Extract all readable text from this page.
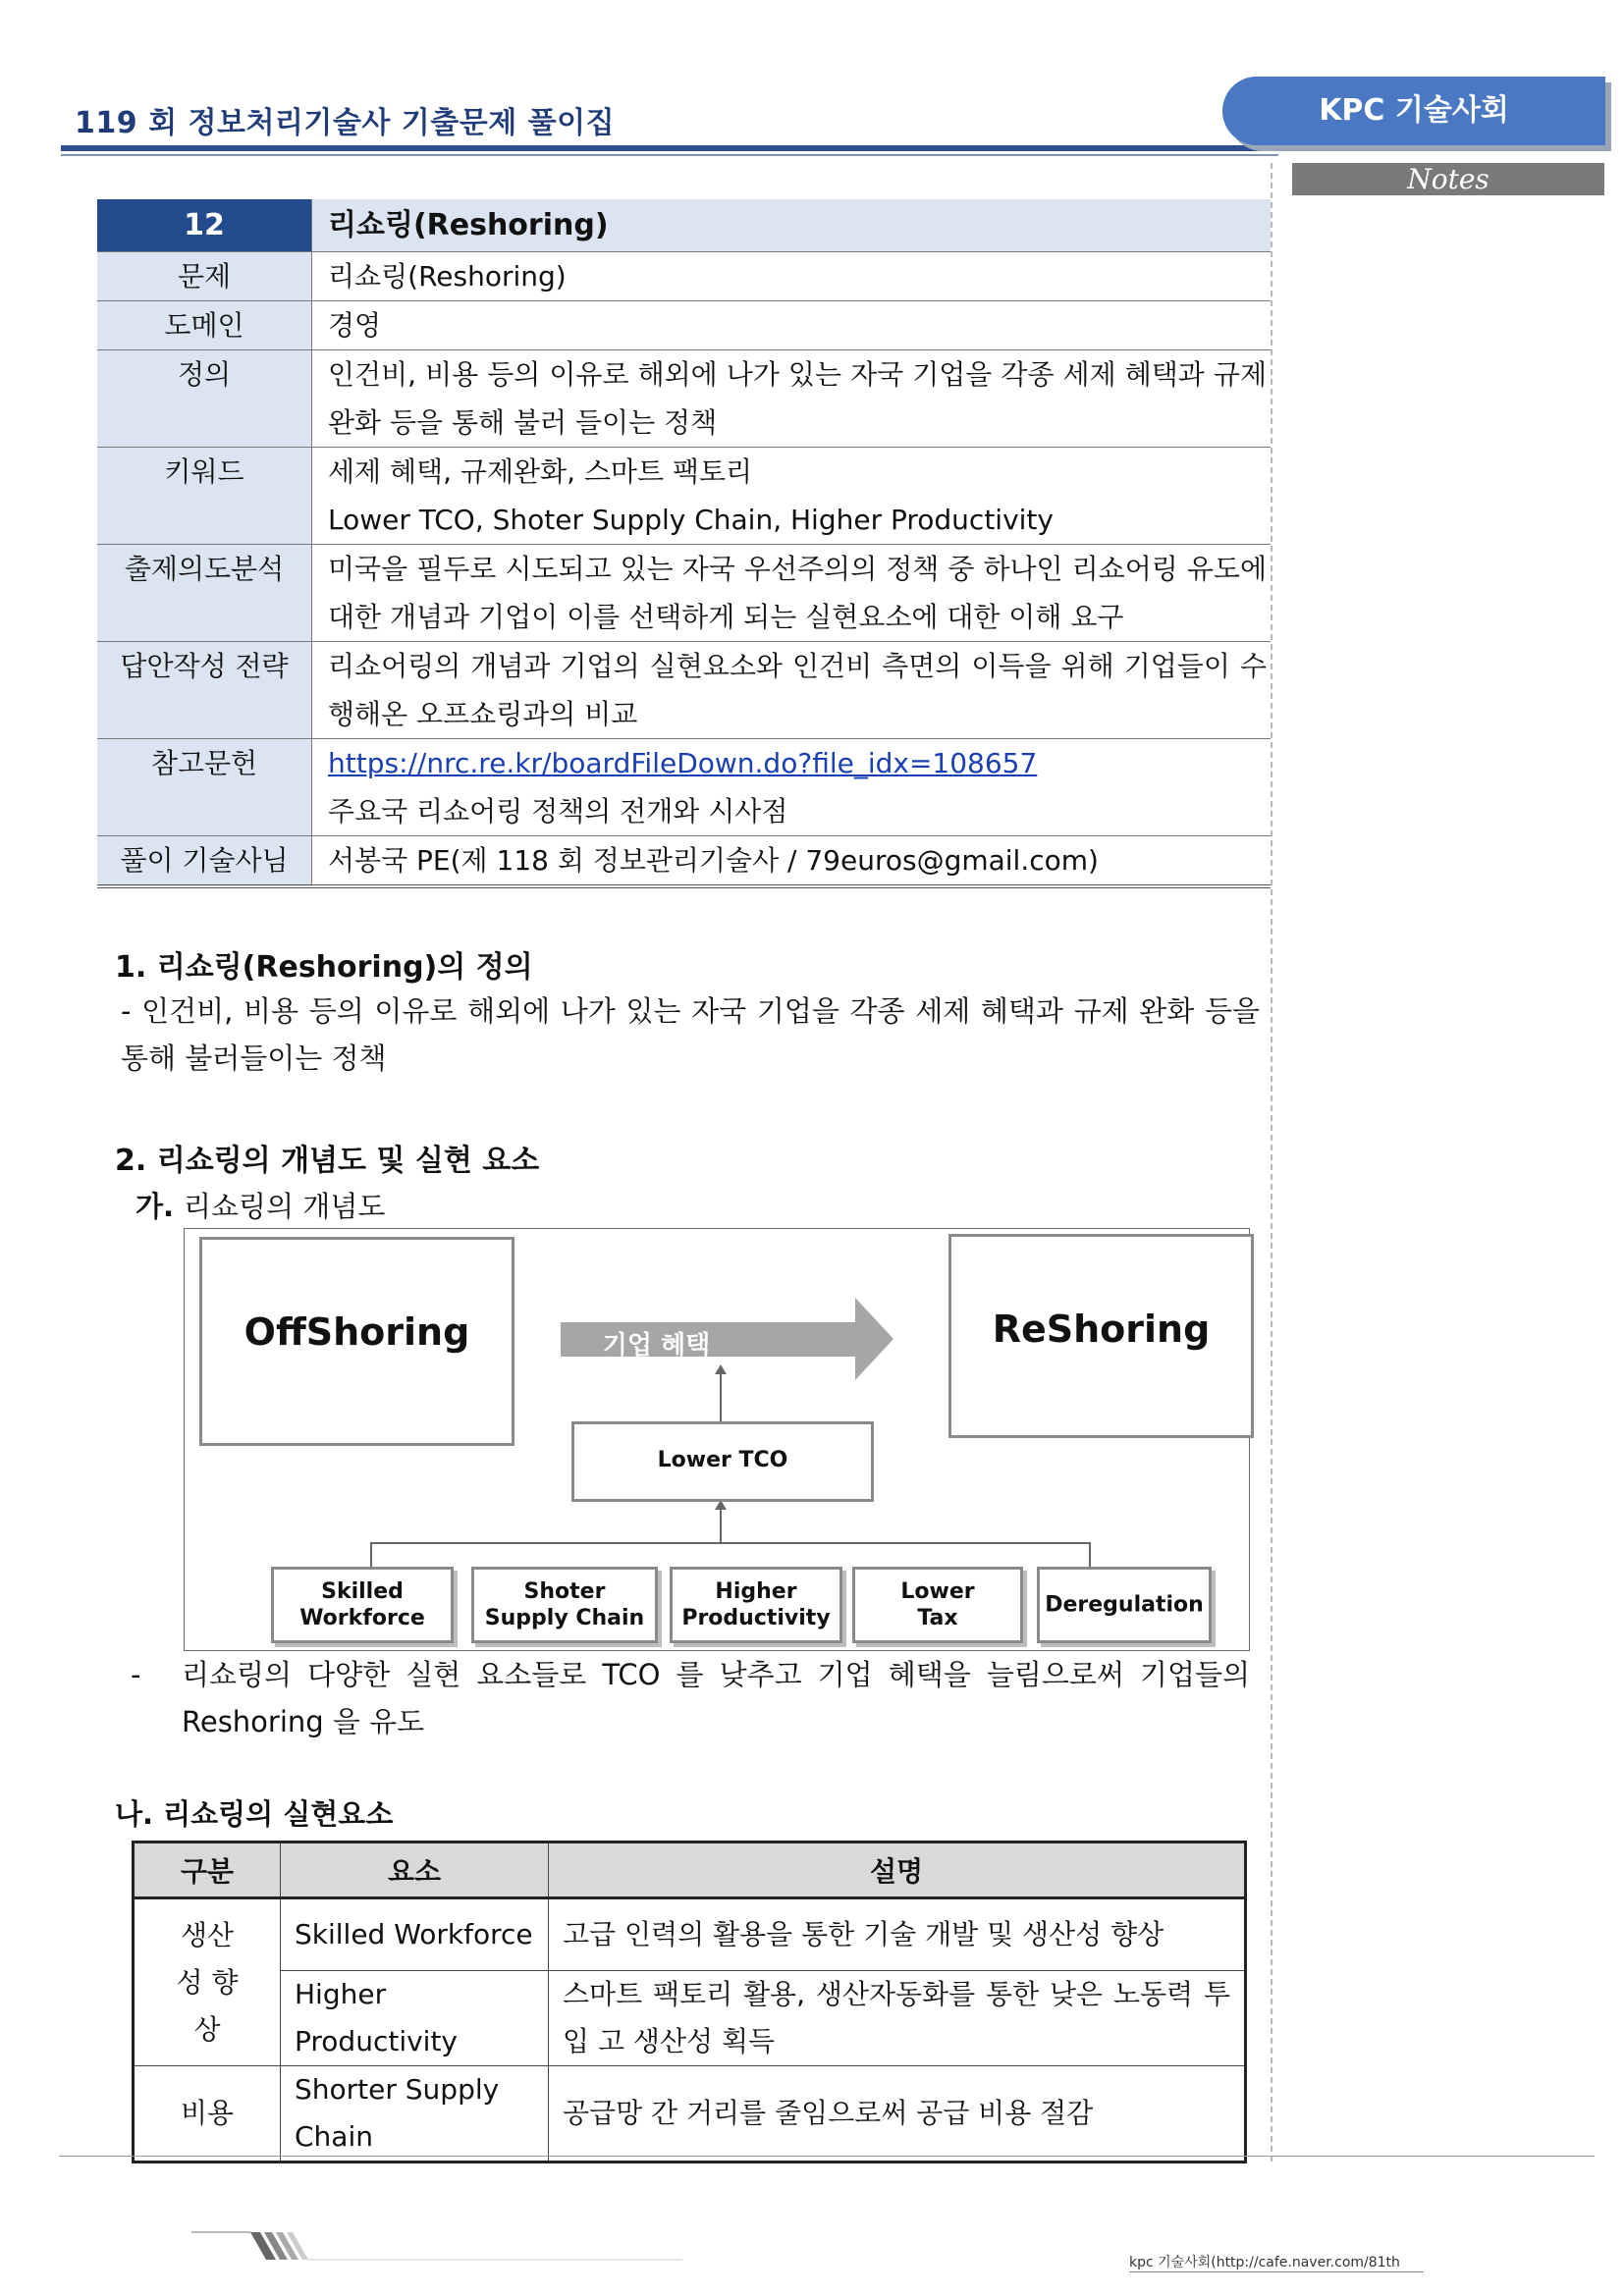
119 회 정보처리기술사 기출문제 풀이집	KPC 기술사회
Notes
12	리쇼링(Reshoring)
문제	리쇼링(Reshoring)

도메인	경영

정의	인건비, 비용 등의 이유로 해외에 나가 있는 자국 기업을 각종 세제 혜택과 규제 완화 등을 통해 불러 들이는 정책

키워드	세제 혜택, 규제완화, 스마트 팩토리
Lower TCO, Shoter Supply Chain, Higher Productivity

출제의도분석	미국을 필두로 시도되고 있는 자국 우선주의의 정책 중 하나인 리쇼어링 유도에 대한 개념과 기업이 이를 선택하게 되는 실현요소에 대한 이해 요구

답안작성 전략	리쇼어링의 개념과 기업의 실현요소와 인건비 측면의 이득을 위해 기업들이 수행해온 오프쇼링과의 비교

참고문헌	https://nrc.re.kr/boardFileDown.do?file_idx=108657
주요국 리쇼어링 정책의 전개와 시사점

풀이 기술사님	서봉국 PE(제 118 회 정보관리기술사 / 79euros@gmail.com)
1. 리쇼링(Reshoring)의 정의
- 인건비, 비용 등의 이유로 해외에 나가 있는 자국 기업을 각종 세제 혜택과 규제 완화 등을 통해 불러들이는 정책
2. 리쇼링의 개념도 및 실현 요소
가. 리쇼링의 개념도
기업 혜택
OffShoring	ReShoring
Lower TCO
Skilled
Workforce
Shoter
Supply Chain
Higher
Productivity
Lower
Tax
Deregulation
- 리쇼링의 다양한 실현 요소들로 TCO 를 낮추고 기업 혜택을 늘림으로써 기업들의 Reshoring 을 유도
나. 리쇼링의 실현요소
구분	요소	설명

생산성 향상	Skilled Workforce	고급 인력의 활용을 통한 기술 개발 및 생산성 향상
	Higher Productivity	스마트 팩토리 활용, 생산자동화를 통한 낮은 노동력 투입 고 생산성 획득
비용	Shorter Supply Chain	공급망 간 거리를 줄임으로써 공급 비용 절감
kpc 기술사회(http://cafe.naver.com/81th
